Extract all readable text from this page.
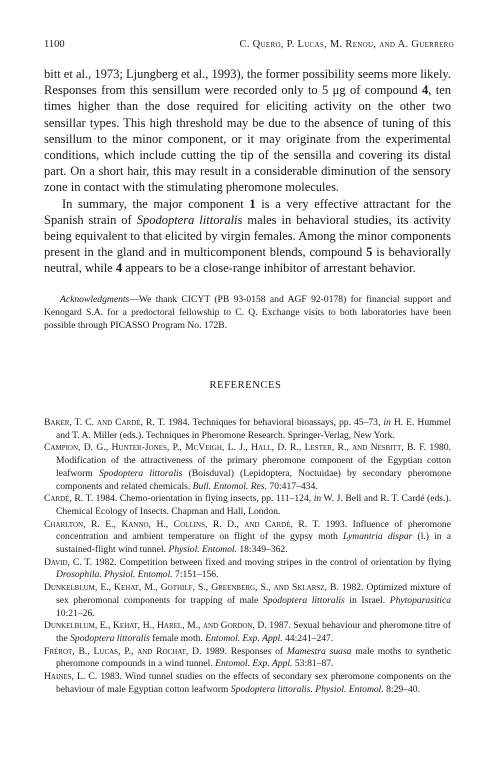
1100	C. Quero, P. Lucas, M. Renou, and A. Guerrero

bitt et al., 1973; Ljungberg et al., 1993), the former possibility seems more likely. Responses from this sensillum were recorded only to 5 μg of compound 4, ten times higher than the dose required for eliciting activity on the other two sensillar types. This high threshold may be due to the absence of tuning of this sensillum to the minor component, or it may originate from the experimental conditions, which include cutting the tip of the sensilla and covering its distal part. On a short hair, this may result in a considerable diminution of the sensory zone in contact with the stimulating pheromone molecules.

In summary, the major component 1 is a very effective attractant for the Spanish strain of Spodoptera littoralis males in behavioral studies, its activity being equivalent to that elicited by virgin females. Among the minor components present in the gland and in multicomponent blends, compound 5 is behaviorally neutral, while 4 appears to be a close-range inhibitor of arrestant behavior.

Acknowledgments—We thank CICYT (PB 93-0158 and AGF 92-0178) for financial support and Kenogard S.A. for a predoctoral fellowship to C. Q. Exchange visits to both laboratories have been possible through PICASSO Program No. 172B.

REFERENCES

Baker, T. C. and Cardé, R. T. 1984. Techniques for behavioral bioassays, pp. 45–73, in H. E. Hummel and T. A. Miller (eds.). Techniques in Pheromone Research. Springer-Verlag, New York.

Campion, D. G., Hunter-Jones, P., McVeigh, L. J., Hall, D. R., Lester, R., and Nesbitt, B. F. 1980. Modification of the attractiveness of the primary pheromone component of the Egyptian cotton leafworm Spodoptera littoralis (Boisduval) (Lepidoptera, Noctuidae) by secondary pheromone components and related chemicals. Bull. Entomol. Res. 70:417–434.

Cardé, R. T. 1984. Chemo-orientation in flying insects, pp. 111–124, in W. J. Bell and R. T. Cardé (eds.). Chemical Ecology of Insects. Chapman and Hall, London.

Charlton, R. E., Kanno, H., Collins, R. D., and Cardé, R. T. 1993. Influence of pheromone concentration and ambient temperature on flight of the gypsy moth Lymantria dispar (l.) in a sustained-flight wind tunnel. Physiol. Entomol. 18:349–362.

David, C. T. 1982. Competition between fixed and moving stripes in the control of orientation by flying Drosophila. Physiol. Entomol. 7:151–156.

Dunkelblum, E., Kehat, M., Gothilf, S., Greenberg, S., and Sklarsz, B. 1982. Optimized mixture of sex pheromonal components for trapping of male Spodoptera littoralis in Israel. Phytoparasitica 10:21–26.

Dunkelblum, E., Kehat, H., Harel, M., and Gordon, D. 1987. Sexual behaviour and pheromone titre of the Spodoptera littoralis female moth. Entomol. Exp. Appl. 44:241–247.

Frérot, B., Lucas, P., and Rochat, D. 1989. Responses of Mamestra suasa male moths to synthetic pheromone compounds in a wind tunnel. Entomol. Exp. Appl. 53:81–87.

Haines, L. C. 1983. Wind tunnel studies on the effects of secondary sex pheromone components on the behaviour of male Egyptian cotton leafworm Spodoptera littoralis. Physiol. Entomol. 8:29–40.
